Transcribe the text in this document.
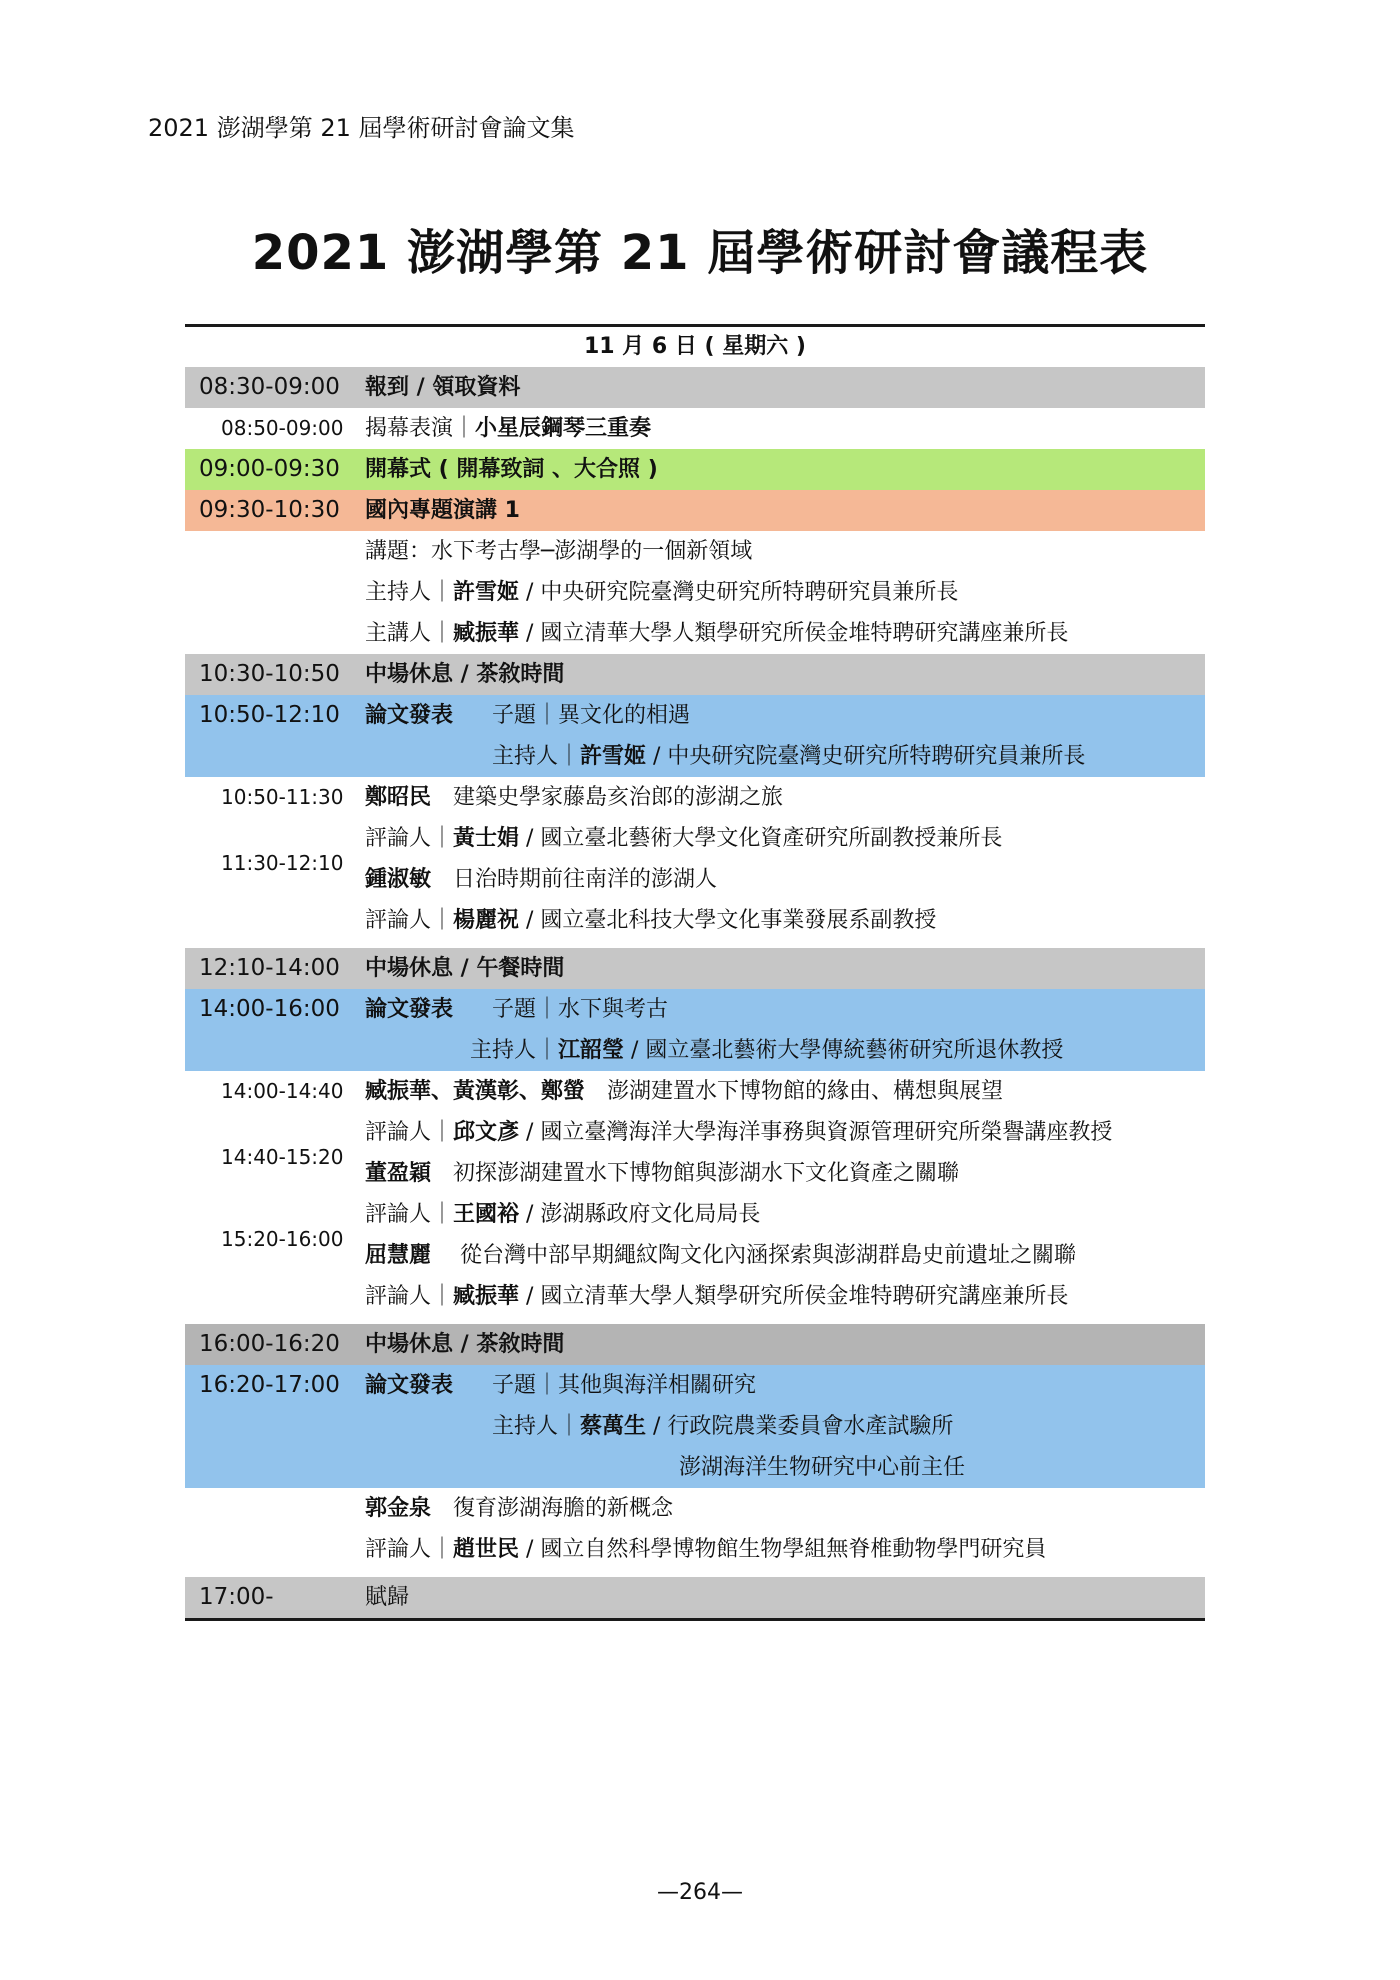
2021 澎湖學第 21 屆學術研討會論文集
2021 澎湖學第 21 屆學術研討會議程表
11 月 6 日 ( 星期六 )
08:30-09:00 報到 / 領取資料
08:50-09:00 揭幕表演｜小星辰鋼琴三重奏
09:00-09:30 開幕式 ( 開幕致詞 、大合照 )
09:30-10:30 國內專題演講 1
講題：水下考古學─澎湖學的一個新領域
主持人｜許雪姬 / 中央研究院臺灣史研究所特聘研究員兼所長
主講人｜臧振華 / 國立清華大學人類學研究所侯金堆特聘研究講座兼所長
10:30-10:50 中場休息 / 茶敘時間
10:50-12:10 論文發表 子題｜異文化的相遇
主持人｜許雪姬 / 中央研究院臺灣史研究所特聘研究員兼所長
10:50-11:30 鄭昭民　 建築史學家藤島亥治郎的澎湖之旅
評論人｜黃士娟 / 國立臺北藝術大學文化資產研究所副教授兼所長
11:30-12:10
鍾淑敏　 日治時期前往南洋的澎湖人
評論人｜楊麗祝 / 國立臺北科技大學文化事業發展系副教授
12:10-14:00 中場休息 / 午餐時間
14:00-16:00 論文發表 子題｜水下與考古
主持人｜江韶瑩 / 國立臺北藝術大學傳統藝術研究所退休教授
14:00-14:40 臧振華、黃漢彰、鄭螢　 澎湖建置水下博物館的緣由、構想與展望
評論人｜邱文彥 / 國立臺灣海洋大學海洋事務與資源管理研究所榮譽講座教授
14:40-15:20
董盈穎　 初探澎湖建置水下博物館與澎湖水下文化資產之關聯
評論人｜王國裕 / 澎湖縣政府文化局局長
15:20-16:00
屈慧麗　 從台灣中部早期繩紋陶文化內涵探索與澎湖群島史前遺址之關聯
評論人｜臧振華 / 國立清華大學人類學研究所侯金堆特聘研究講座兼所長
16:00-16:20 中場休息 / 茶敘時間
16:20-17:00 論文發表 子題｜其他與海洋相關研究
主持人｜蔡萬生 / 行政院農業委員會水產試驗所
澎湖海洋生物研究中心前主任
郭金泉　 復育澎湖海膽的新概念
評論人｜趙世民 / 國立自然科學博物館生物學組無脊椎動物學門研究員
17:00-	賦歸
—264—
